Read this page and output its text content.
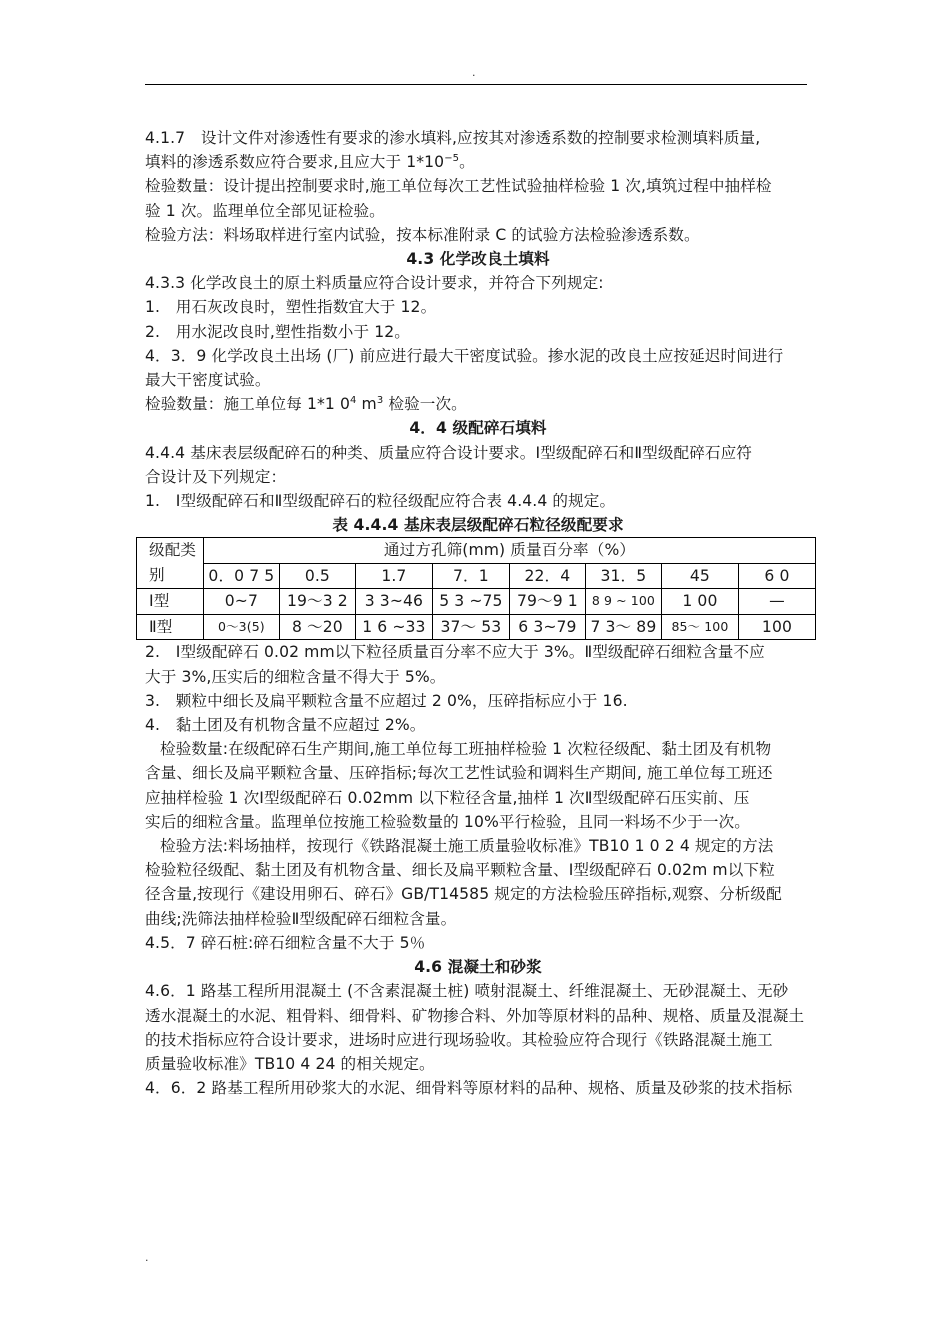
.

4.1.7　设计文件对渗透性有要求的渗水填料,应按其对渗透系数的控制要求检测填料质量,
填料的渗透系数应符合要求,且应大于 $1*10^{-5}$。

检验数量：设计提出控制要求时,施工单位每次工艺性试验抽样检验 1 次,填筑过程中抽样检
验 1 次。监理单位全部见证检验。

检验方法：料场取样进行室内试验，按本标准附录 C 的试验方法检验渗透系数。

4.3 化学改良土填料

4.3.3 化学改良土的原土料质量应符合设计要求，并符合下列规定:

1.　用石灰改良时，塑性指数宜大于 12。

2.　用水泥改良时,塑性指数小于 12。

4．3．9 化学改良土出场 (厂) 前应进行最大干密度试验。掺水泥的改良土应按延迟时间进行
最大干密度试验。

检验数量：施工单位每 1*1 $0^4$ $m^3$ 检验一次。

4．4 级配碎石填料

4.4.4 基床表层级配碎石的种类、质量应符合设计要求。Ⅰ型级配碎石和Ⅱ型级配碎石应符
合设计及下列规定：

1.　Ⅰ型级配碎石和Ⅱ型级配碎石的粒径级配应符合表 4.4.4 的规定。

表 4.4.4 基床表层级配碎石粒径级配要求

级配类别	通过方孔筛(mm) 质量百分率（%）							
	0．0 7 5	0.5	1.7	7．1	22．4	31．5	45	6 0
Ⅰ型	0~7	19～3 2	3 3~46	5 3 ~75	79～9 1	8 9 ~ 100	1 00	—
Ⅱ型	0～3(5)	8 ～20	1 6 ~33	37～ 53	6 3~79	7 3～ 89	85～ 100	100

2.　Ⅰ型级配碎石 0.02 mm以下粒径质量百分率不应大于 3%。Ⅱ型级配碎石细粒含量不应
大于 3%,压实后的细粒含量不得大于 5%。

3.　颗粒中细长及扁平颗粒含量不应超过 2 0%，压碎指标应小于 16.

4.　黏土团及有机物含量不应超过 2%。

检验数量:在级配碎石生产期间,施工单位每工班抽样检验 1 次粒径级配、黏土团及有机物
含量、细长及扁平颗粒含量、压碎指标;每次工艺性试验和调料生产期间, 施工单位每工班还
应抽样检验 1 次Ⅰ型级配碎石 0.02mm 以下粒径含量,抽样 1 次Ⅱ型级配碎石压实前、压
实后的细粒含量。监理单位按施工检验数量的 10%平行检验，且同一料场不少于一次。

检验方法:料场抽样，按现行《铁路混凝土施工质量验收标准》TB10 1 0 2 4 规定的方法
检验粒径级配、黏土团及有机物含量、细长及扁平颗粒含量、Ⅰ型级配碎石 0.02m m以下粒
径含量,按现行《建设用卵石、碎石》GB/T14585 规定的方法检验压碎指标,观察、分析级配
曲线;洗筛法抽样检验Ⅱ型级配碎石细粒含量。

4.5．7 碎石桩:碎石细粒含量不大于 5％

4.6 混凝土和砂浆

4.6．1 路基工程所用混凝土 (不含素混凝土桩) 喷射混凝土、纤维混凝土、无砂混凝土、无砂
透水混凝土的水泥、粗骨料、细骨料、矿物掺合料、外加等原材料的品种、规格、质量及混凝土
的技术指标应符合设计要求，进场时应进行现场验收。其检验应符合现行《铁路混凝土施工
质量验收标准》TB10 4 24 的相关规定。

4．6．2 路基工程所用砂浆大的水泥、细骨料等原材料的品种、规格、质量及砂浆的技术指标

.
